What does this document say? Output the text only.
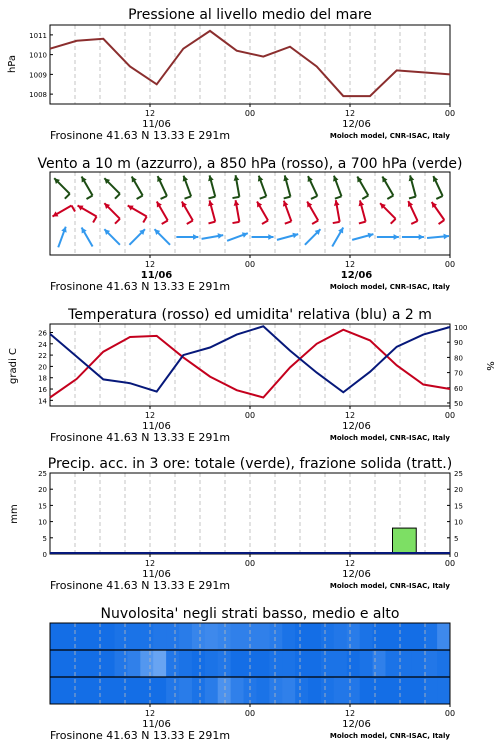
Pressione al livello medio del mare
hPa
12	00	12	00
11/06	12/06
Frosinone 41.63 N 13.33 E 291m	Moloch model, CNR-ISAC, Italy
1008
1009
1010
1011
Vento a 10 m (azzurro), a 850 hPa (rosso), a 700 hPa (verde)
12	00	12	00
11/06	12/06
Frosinone 41.63 N 13.33 E 291m	Moloch model, CNR-ISAC, Italy
Temperatura (rosso) ed umidita' relativa (blu) a 2 m
gradi C	%
12	00	12	00
11/06	12/06
Frosinone 41.63 N 13.33 E 291m	Moloch model, CNR-ISAC, Italy
14
16
18
20
22
24
26
50
60
70
80
90
100
Precip. acc. in 3 ore: totale (verde), frazione solida (tratt.)
mm
12	00	12	00
11/06	12/06
Frosinone 41.63 N 13.33 E 291m	Moloch model, CNR-ISAC, Italy
0
5
10
15
20
25
0
5
10
15
20
25
Nuvolosita' negli strati basso, medio e alto
12	00	12	00
11/06	12/06
Frosinone 41.63 N 13.33 E 291m	Moloch model, CNR-ISAC, Italy
